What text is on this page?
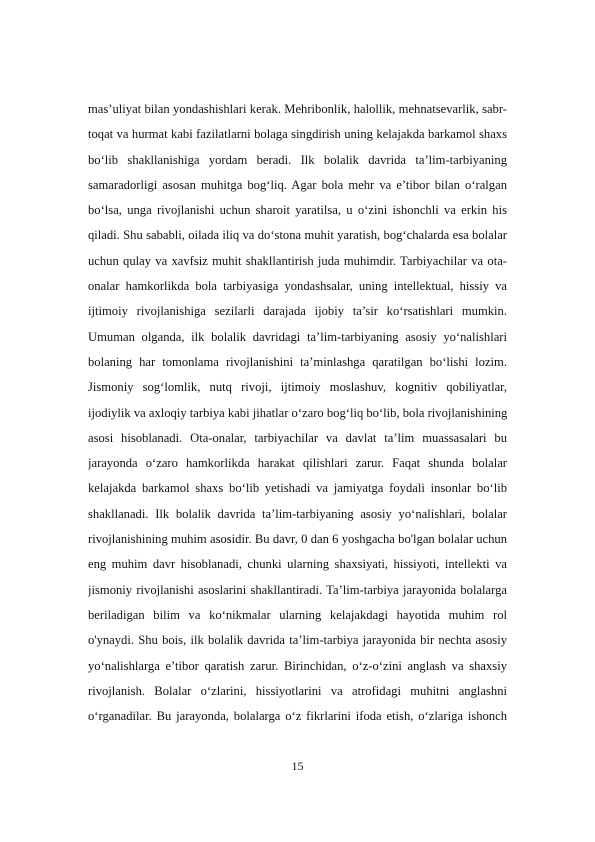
mas’uliyat bilan yondashishlari kerak. Mehribonlik, halollik, mehnatsevarlik, sabr-
toqat va hurmat kabi fazilatlarni bolaga singdirish uning kelajakda barkamol shaxs
bo‘lib shakllanishiga yordam beradi. Ilk bolalik davrida ta’lim-tarbiyaning
samaradorligi asosan muhitga bog‘liq. Agar bola mehr va e’tibor bilan o‘ralgan
bo‘lsa, unga rivojlanishi uchun sharoit yaratilsa, u o‘zini ishonchli va erkin his
qiladi. Shu sababli, oilada iliq va do‘stona muhit yaratish, bog‘chalarda esa bolalar
uchun qulay va xavfsiz muhit shakllantirish juda muhimdir. Tarbiyachilar va ota-
onalar hamkorlikda bola tarbiyasiga yondashsalar, uning intellektual, hissiy va
ijtimoiy rivojlanishiga sezilarli darajada ijobiy ta’sir ko‘rsatishlari mumkin.
Umuman olganda, ilk bolalik davridagi ta’lim-tarbiyaning asosiy yo‘nalishlari
bolaning har tomonlama rivojlanishini ta’minlashga qaratilgan bo‘lishi lozim.
Jismoniy sog‘lomlik, nutq rivoji, ijtimoiy moslashuv, kognitiv qobiliyatlar,
ijodiylik va axloqiy tarbiya kabi jihatlar o‘zaro bog‘liq bo‘lib, bola rivojlanishining
asosi hisoblanadi. Ota-onalar, tarbiyachilar va davlat ta’lim muassasalari bu
jarayonda o‘zaro hamkorlikda harakat qilishlari zarur. Faqat shunda bolalar
kelajakda barkamol shaxs bo‘lib yetishadi va jamiyatga foydali insonlar bo‘lib
shakllanadi. Ilk bolalik davrida ta’lim-tarbiyaning asosiy yo‘nalishlari, bolalar
rivojlanishining muhim asosidir. Bu davr, 0 dan 6 yoshgacha bo'lgan bolalar uchun
eng muhim davr hisoblanadi, chunki ularning shaxsiyati, hissiyoti, intellekti va
jismoniy rivojlanishi asoslarini shakllantiradi. Ta’lim-tarbiya jarayonida bolalarga
beriladigan bilim va ko‘nikmalar ularning kelajakdagi hayotida muhim rol
o'ynaydi. Shu bois, ilk bolalik davrida ta’lim-tarbiya jarayonida bir nechta asosiy
yo‘nalishlarga e’tibor qaratish zarur. Birinchidan, o‘z-o‘zini anglash va shaxsiy
rivojlanish. Bolalar o‘zlarini, hissiyotlarini va atrofidagi muhitni anglashni
o‘rganadilar. Bu jarayonda, bolalarga o‘z fikrlarini ifoda etish, o‘zlariga ishonch
15
